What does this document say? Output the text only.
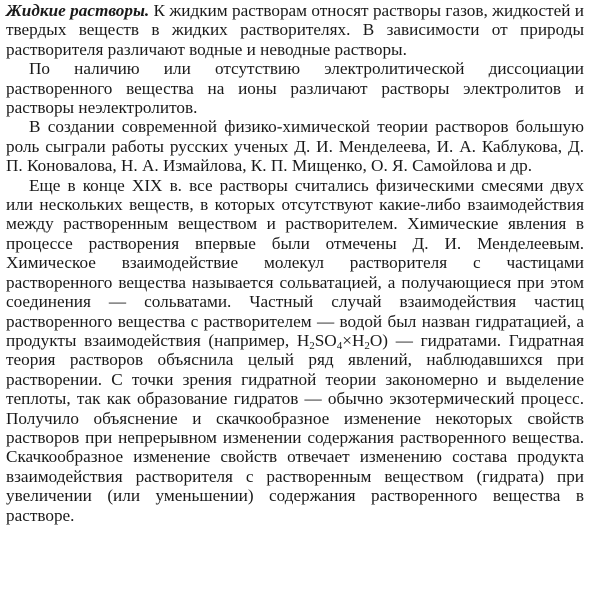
Жидкие растворы. К жидким растворам относят растворы газов, жидкостей и твердых веществ в жидких растворителях. В зависимости от природы растворителя различают водные и неводные растворы.

По наличию или отсутствию электролитической диссоциации растворенного вещества на ионы различают растворы электролитов и растворы неэлектролитов.

В создании современной физико-химической теории растворов большую роль сыграли работы русских ученых Д. И. Менделеева, И. А. Каблукова, Д. П. Коновалова, Н. А. Измайлова, К. П. Мищенко, О. Я. Самойлова и др.

Еще в конце XIX в. все растворы считались физическими смесями двух или нескольких веществ, в которых отсутствуют какие-либо взаимодействия между растворенным веществом и растворителем. Химические явления в процессе растворения впервые были отмечены Д. И. Менделеевым. Химическое взаимодействие молекул растворителя с частицами растворенного вещества называется сольватацией, а получающиеся при этом соединения — сольватами. Частный случай взаимодействия частиц растворенного вещества с растворителем — водой был назван гидратацией, а продукты взаимодействия (например, $H_2SO_4\times H_2O$) — гидратами. Гидратная теория растворов объяснила целый ряд явлений, наблюдавшихся при растворении. С точки зрения гидратной теории закономерно и выделение теплоты, так как образование гидратов — обычно экзотермический процесс. Получило объяснение и скачкообразное изменение некоторых свойств растворов при непрерывном изменении содержания растворенного вещества. Скачкообразное изменение свойств отвечает изменению состава продукта взаимодействия растворителя с растворенным веществом (гидрата) при увеличении (или уменьшении) содержания растворенного вещества в растворе.
